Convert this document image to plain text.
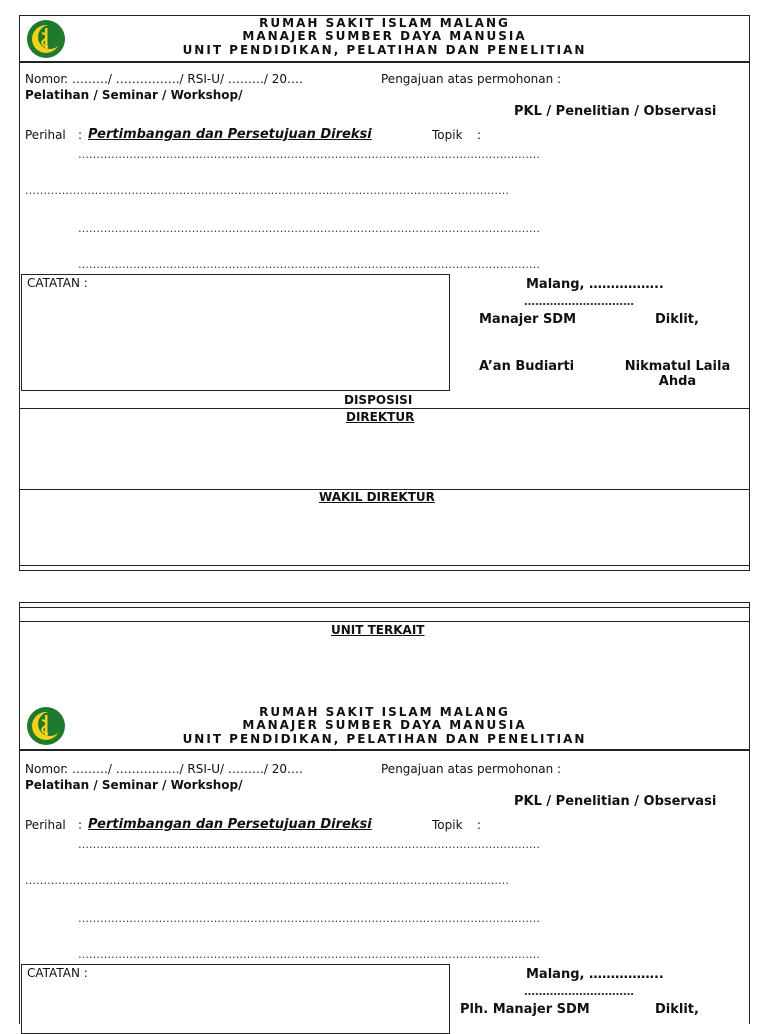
RUMAH SAKIT ISLAM MALANG
MANAJER SUMBER DAYA MANUSIA
UNIT PENDIDIKAN, PELATIHAN DAN PENELITIAN
Nomor
: ………/ ……………./ RSI-U/ ………/ 20….	Pengajuan atas permohonan :
Pelatihan / Seminar / Workshop/
PKL / Penelitian / Observasi
Perihal : Pertimbangan dan Persetujuan Direksi	Topik :
………………………………………………………………………………………………………………
……………………………………………………………………………………………………………………
………………………………………………………………………………………………………………
………………………………………………………………………………………………………………
CATATAN :	Malang, ……………..
…………………………
Manajer SDM	Diklit,
A’an Budiarti	Nikmatul Laila
Ahda
DISPOSISI
DIREKTUR
WAKIL DIREKTUR
UNIT TERKAIT
RUMAH SAKIT ISLAM MALANG
MANAJER SUMBER DAYA MANUSIA
UNIT PENDIDIKAN, PELATIHAN DAN PENELITIAN
Nomor
: ………/ ……………./ RSI-U/ ………/ 20….	Pengajuan atas permohonan :
Pelatihan / Seminar / Workshop/
PKL / Penelitian / Observasi
Perihal : Pertimbangan dan Persetujuan Direksi	Topik :
………………………………………………………………………………………………………………
……………………………………………………………………………………………………………………
………………………………………………………………………………………………………………
………………………………………………………………………………………………………………
CATATAN :	Malang, ……………..
…………………………
Plh. Manajer SDM	Diklit,
